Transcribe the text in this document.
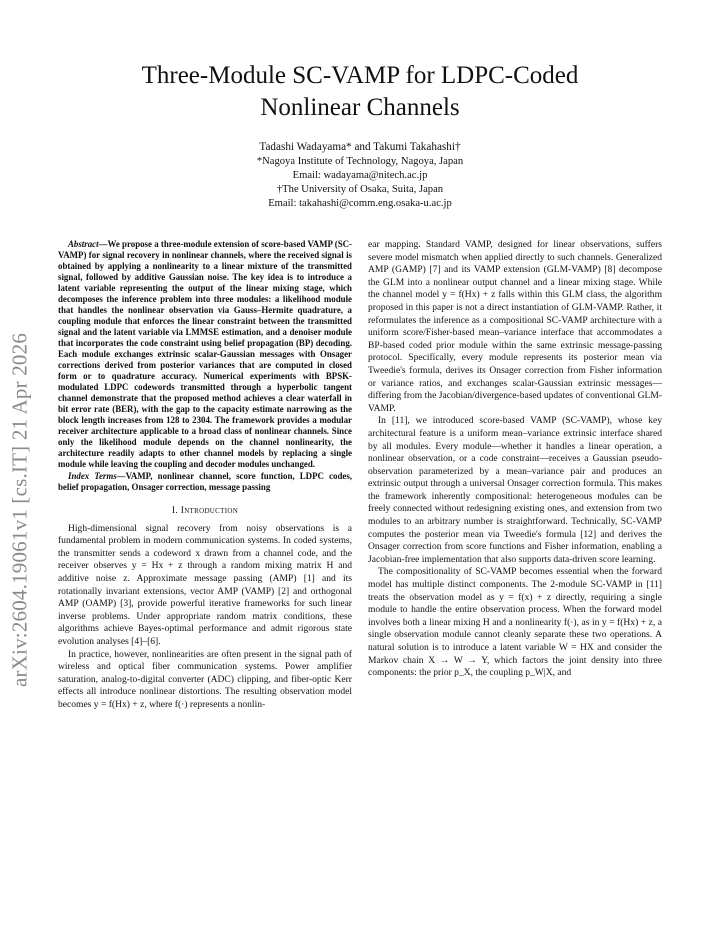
arXiv:2604.19061v1 [cs.IT] 21 Apr 2026
Three-Module SC-VAMP for LDPC-Coded
Nonlinear Channels
Tadashi Wadayama* and Takumi Takahashi†
*Nagoya Institute of Technology, Nagoya, Japan
Email: wadayama@nitech.ac.jp
†The University of Osaka, Suita, Japan
Email: takahashi@comm.eng.osaka-u.ac.jp

Abstract—We propose a three-module extension of score-based VAMP (SC-VAMP) for signal recovery in nonlinear channels, where the received signal is obtained by applying a nonlinearity to a linear mixture of the transmitted signal, followed by additive Gaussian noise. The key idea is to introduce a latent variable representing the output of the linear mixing stage, which decomposes the inference problem into three modules: a likelihood module that handles the nonlinear observation via Gauss–Hermite quadrature, a coupling module that enforces the linear constraint between the transmitted signal and the latent variable via LMMSE estimation, and a denoiser module that incorporates the code constraint using belief propagation (BP) decoding. Each module exchanges extrinsic scalar-Gaussian messages with Onsager corrections derived from posterior variances that are computed in closed form or to quadrature accuracy. Numerical experiments with BPSK-modulated LDPC codewords transmitted through a hyperbolic tangent channel demonstrate that the proposed method achieves a clear waterfall in bit error rate (BER), with the gap to the capacity estimate narrowing as the block length increases from 128 to 2304. The framework provides a modular receiver architecture applicable to a broad class of nonlinear channels. Since only the likelihood module depends on the channel nonlinearity, the architecture readily adapts to other channel models by replacing a single module while leaving the coupling and decoder modules unchanged.

Index Terms—VAMP, nonlinear channel, score function, LDPC codes, belief propagation, Onsager correction, message passing

I. Introduction

High-dimensional signal recovery from noisy observations is a fundamental problem in modern communication systems. In coded systems, the transmitter sends a codeword x drawn from a channel code, and the receiver observes y = Hx + z through a random mixing matrix H and additive noise z. Approximate message passing (AMP) [1] and its rotationally invariant extensions, vector AMP (VAMP) [2] and orthogonal AMP (OAMP) [3], provide powerful iterative frameworks for such linear inverse problems. Under appropriate random matrix conditions, these algorithms achieve Bayes-optimal performance and admit rigorous state evolution analyses [4]–[6].

In practice, however, nonlinearities are often present in the signal path of wireless and optical fiber communication systems. Power amplifier saturation, analog-to-digital converter (ADC) clipping, and fiber-optic Kerr effects all introduce nonlinear distortions. The resulting observation model becomes y = f(Hx) + z, where f(·) represents a nonlin-

ear mapping. Standard VAMP, designed for linear observations, suffers severe model mismatch when applied directly to such channels. Generalized AMP (GAMP) [7] and its VAMP extension (GLM-VAMP) [8] decompose the GLM into a nonlinear output channel and a linear mixing stage. While the channel model y = f(Hx) + z falls within this GLM class, the algorithm proposed in this paper is not a direct instantiation of GLM-VAMP. Rather, it reformulates the inference as a compositional SC-VAMP architecture with a uniform score/Fisher-based mean–variance interface that accommodates a BP-based coded prior module within the same extrinsic message-passing protocol. Specifically, every module represents its posterior mean via Tweedie's formula, derives its Onsager correction from Fisher information or variance ratios, and exchanges scalar-Gaussian extrinsic messages—differing from the Jacobian/divergence-based updates of conventional GLM-VAMP.

In [11], we introduced score-based VAMP (SC-VAMP), whose key architectural feature is a uniform mean–variance extrinsic interface shared by all modules. Every module—whether it handles a linear operation, a nonlinear observation, or a code constraint—receives a Gaussian pseudo-observation parameterized by a mean–variance pair and produces an extrinsic output through a universal Onsager correction formula. This makes the framework inherently compositional: heterogeneous modules can be freely connected without redesigning existing ones, and extension from two modules to an arbitrary number is straightforward. Technically, SC-VAMP computes the posterior mean via Tweedie's formula [12] and derives the Onsager correction from score functions and Fisher information, enabling a Jacobian-free implementation that also supports data-driven score learning.

The compositionality of SC-VAMP becomes essential when the forward model has multiple distinct components. The 2-module SC-VAMP in [11] treats the observation model as y = f(x) + z directly, requiring a single module to handle the entire observation process. When the forward model involves both a linear mixing H and a nonlinearity f(·), as in y = f(Hx) + z, a single observation module cannot cleanly separate these two operations. A natural solution is to introduce a latent variable W = HX and consider the Markov chain X → W → Y, which factors the joint density into three components: the prior p_X, the coupling p_W|X, and
